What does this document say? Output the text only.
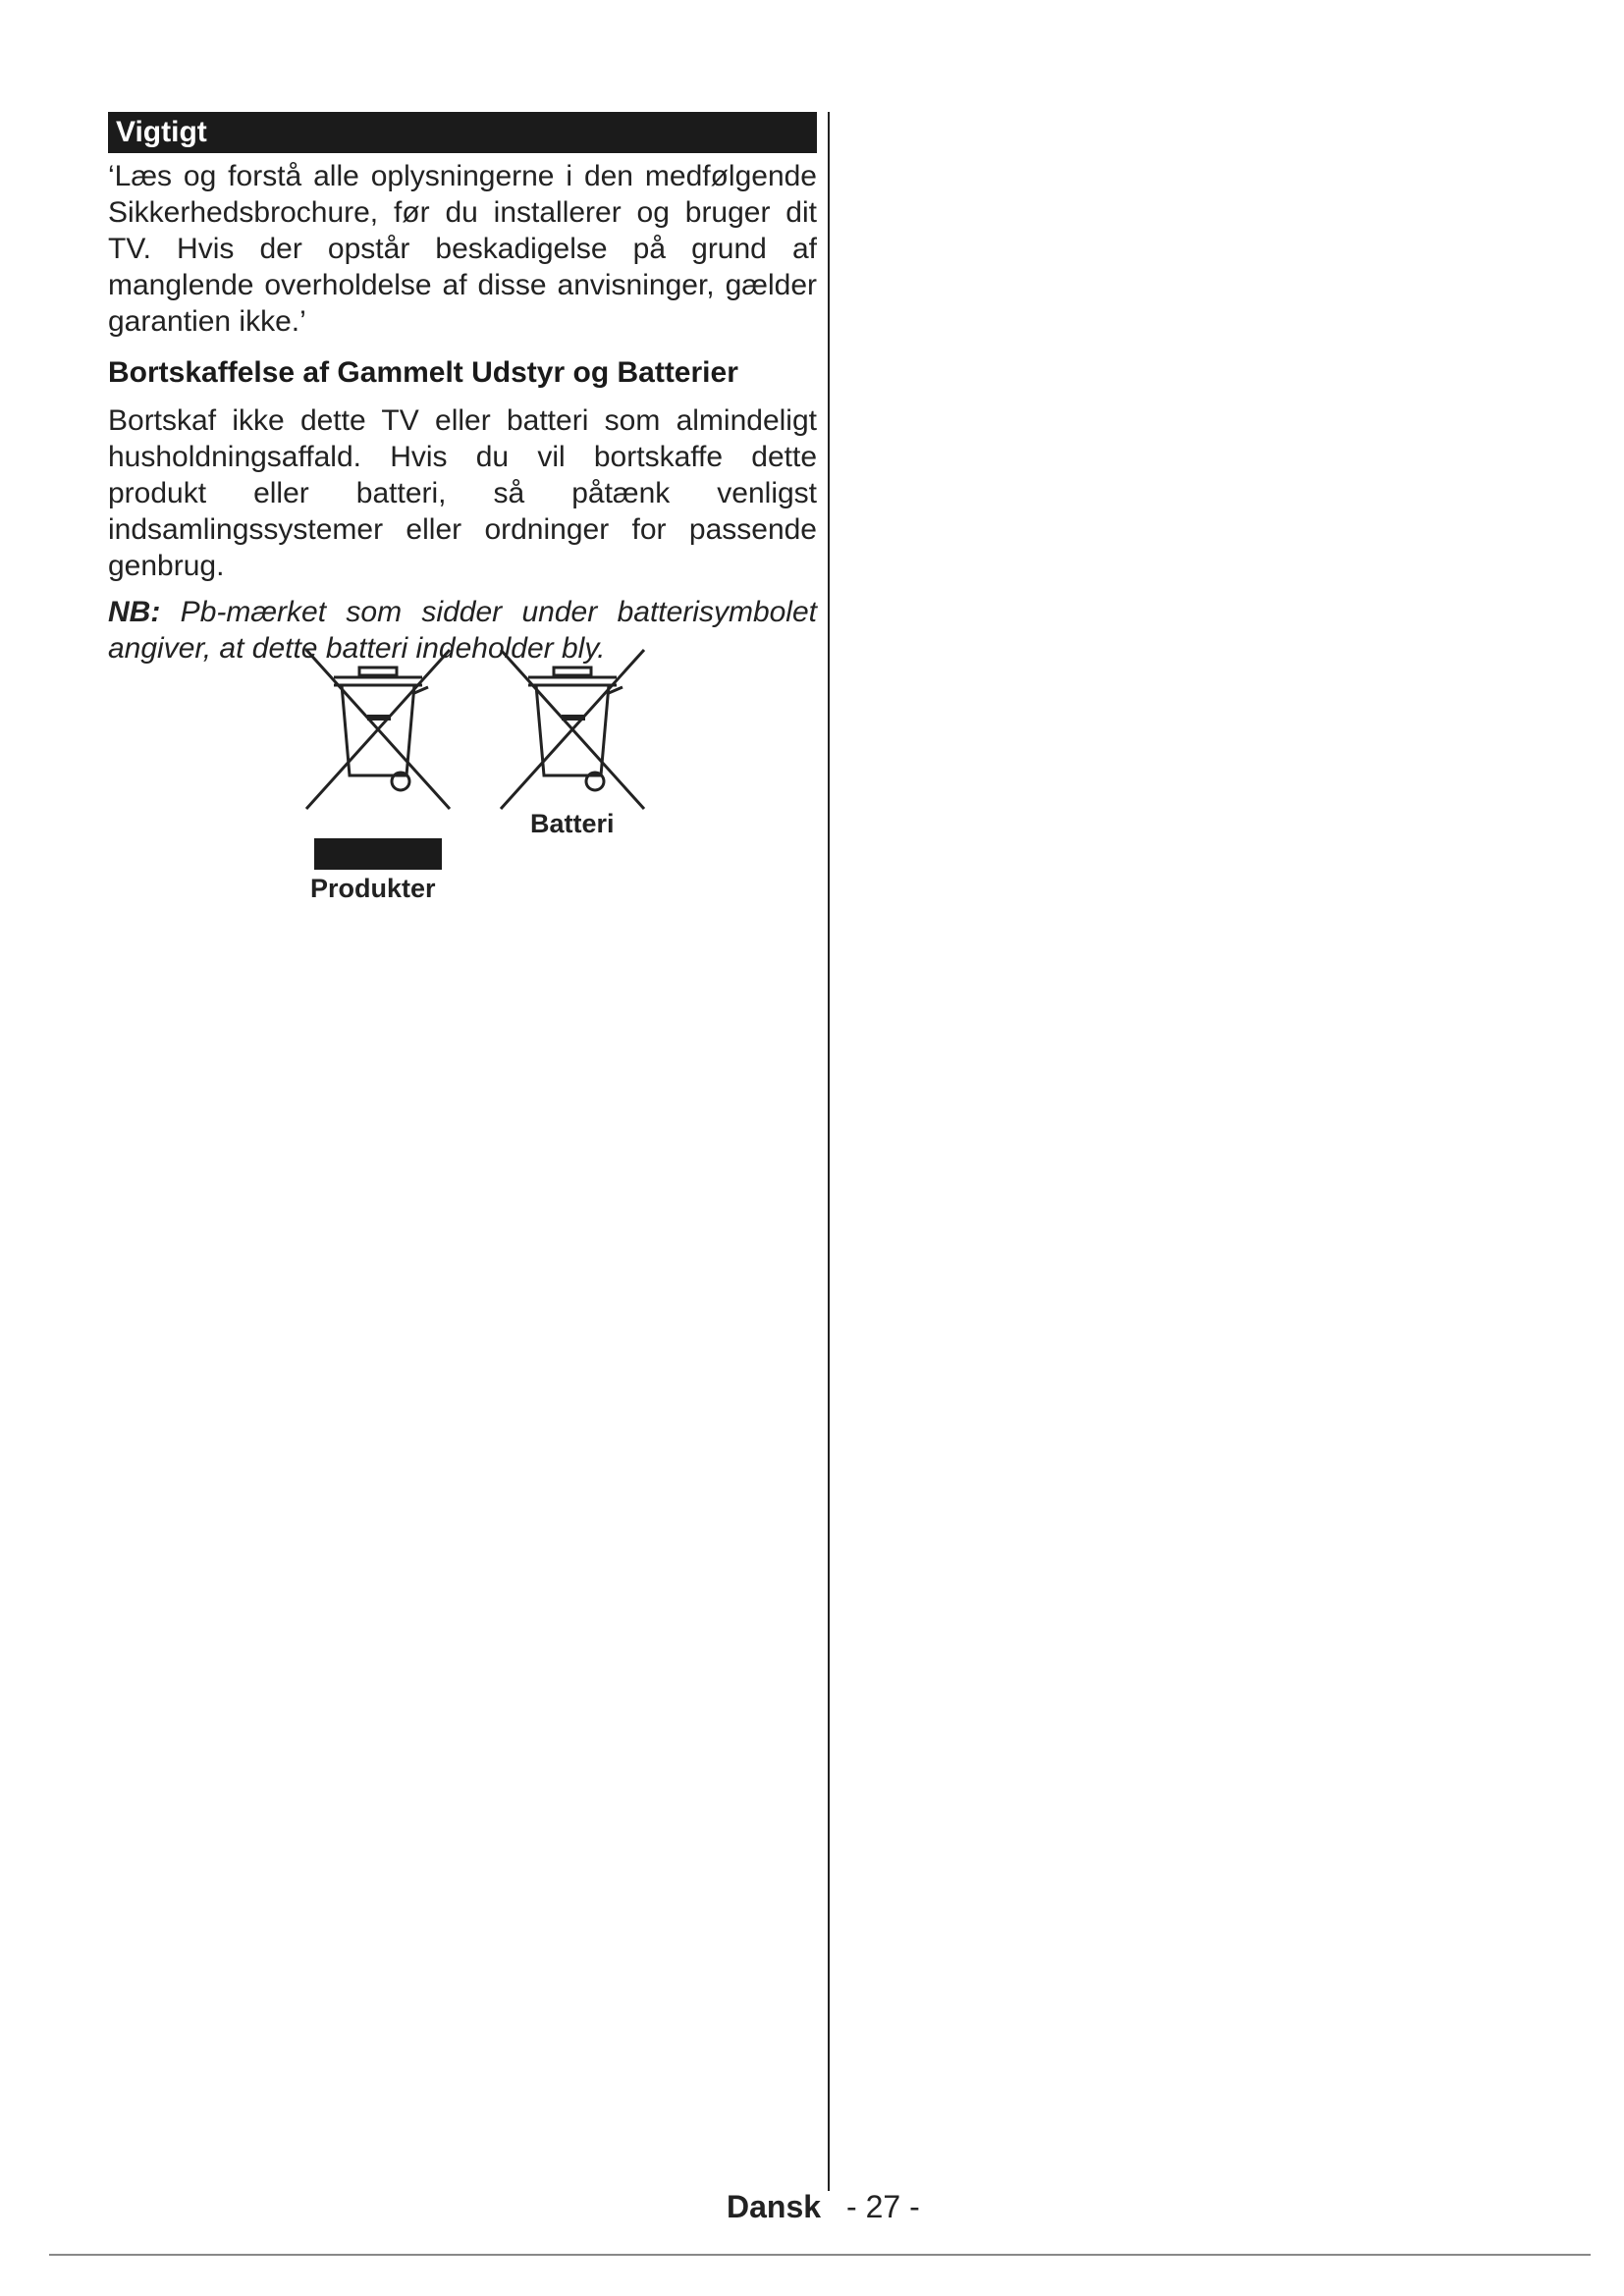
Vigtigt

‘Læs og forstå alle oplysningerne i den medfølgende Sikkerhedsbrochure, før du installerer og bruger dit TV. Hvis der opstår beskadigelse på grund af manglende overholdelse af disse anvisninger, gælder garantien ikke.’

Bortskaffelse af Gammelt Udstyr og Batterier

Bortskaf ikke dette TV eller batteri som almindeligt husholdningsaffald. Hvis du vil bortskaffe dette produkt eller batteri, så påtænk venligst indsamlingssystemer eller ordninger for passende genbrug.

NB: Pb-mærket som sidder under batterisymbolet angiver, at dette batteri indeholder bly.

Batteri
Produkter
Dansk - 27 -
